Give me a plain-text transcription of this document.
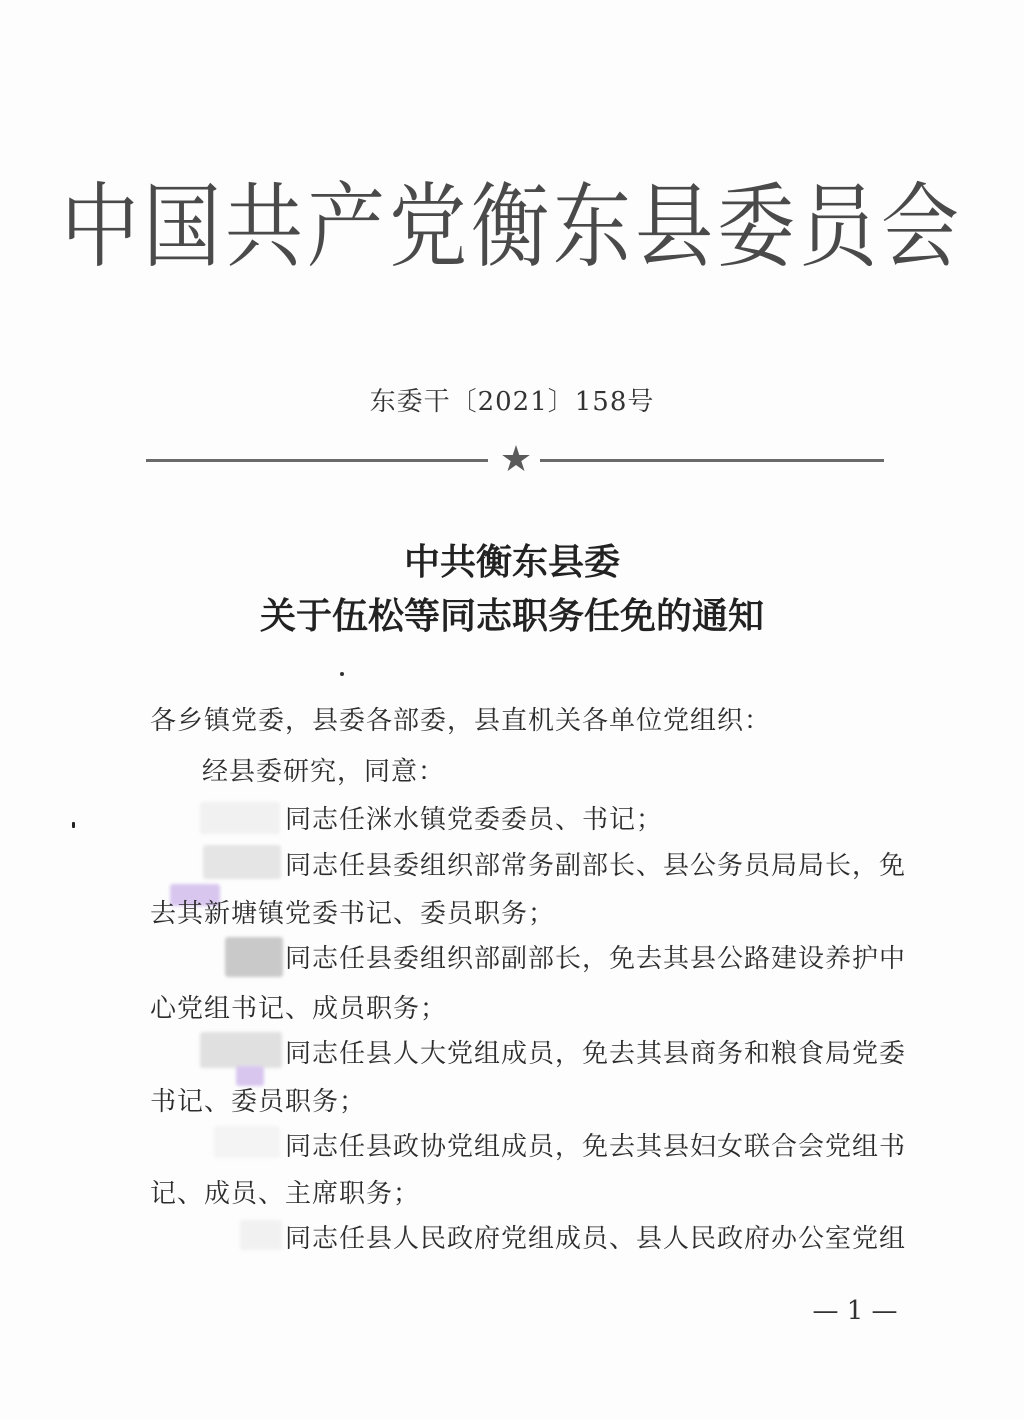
中国共产党衡东县委员会
东委干〔2021〕158号
★
中共衡东县委
关于伍松等同志职务任免的通知
各乡镇党委，县委各部委，县直机关各单位党组织：
经县委研究，同意：
同志任洣水镇党委委员、书记；
同志任县委组织部常务副部长、县公务员局局长，免
去其新塘镇党委书记、委员职务；
同志任县委组织部副部长，免去其县公路建设养护中
心党组书记、成员职务；
同志任县人大党组成员，免去其县商务和粮食局党委
书记、委员职务；
同志任县政协党组成员，免去其县妇女联合会党组书
记、成员、主席职务；
同志任县人民政府党组成员、县人民政府办公室党组
— 1 —
